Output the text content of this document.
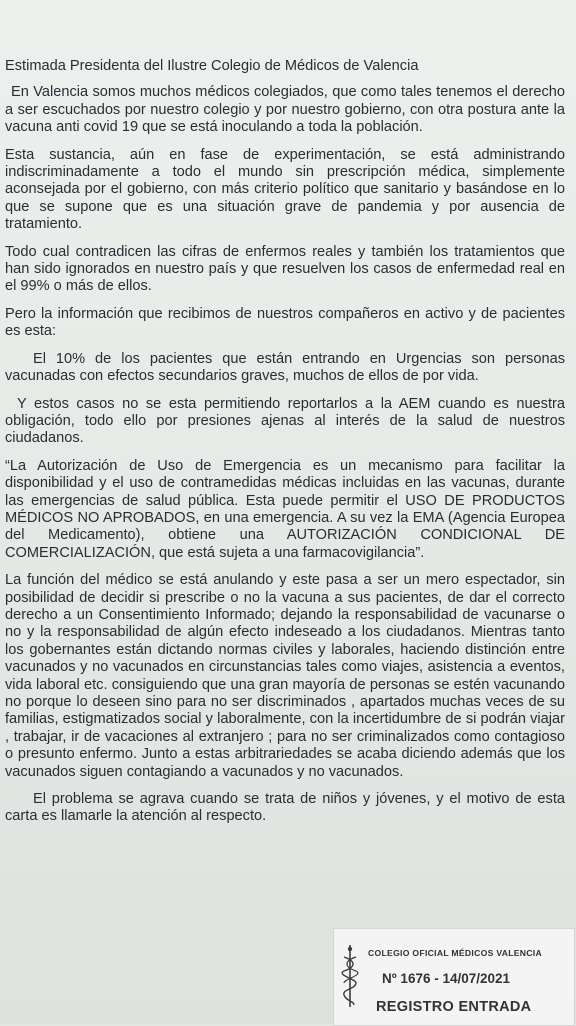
Estimada Presidenta del Ilustre Colegio de Médicos de Valencia

En Valencia somos muchos médicos colegiados, que como tales tenemos el derecho a ser escuchados por nuestro colegio y por nuestro gobierno, con otra postura ante la vacuna anti covid 19 que se está inoculando a toda la población.

Esta sustancia, aún en fase de experimentación, se está administrando indiscriminadamente a todo el mundo sin prescripción médica, simplemente aconsejada por el gobierno, con más criterio político que sanitario y basándose en lo que se supone que es una situación grave de pandemia y por ausencia de tratamiento.

Todo cual contradicen las cifras de enfermos reales y también los tratamientos que han sido ignorados en nuestro país y que resuelven los casos de enfermedad real en el 99% o más de ellos.

Pero la información que recibimos de nuestros compañeros en activo y de pacientes es esta:

El 10% de los pacientes que están entrando en Urgencias son personas vacunadas con efectos secundarios graves, muchos de ellos de por vida.

Y estos casos no se esta permitiendo reportarlos a la AEM cuando es nuestra obligación, todo ello por presiones ajenas al interés de la salud de nuestros ciudadanos.

“La Autorización de Uso de Emergencia es un mecanismo para facilitar la disponibilidad y el uso de contramedidas médicas incluidas en las vacunas, durante las emergencias de salud pública. Esta puede permitir el USO DE PRODUCTOS MÉDICOS NO APROBADOS, en una emergencia. A su vez la EMA (Agencia Europea del Medicamento), obtiene una AUTORIZACIÓN CONDICIONAL DE COMERCIALIZACIÓN, que está sujeta a una farmacovigilancia”.

La función del médico se está anulando y este pasa a ser un mero espectador, sin posibilidad de decidir si prescribe o no la vacuna a sus pacientes, de dar el correcto derecho a un Consentimiento Informado; dejando la responsabilidad de vacunarse o no y la responsabilidad de algún efecto indeseado a los ciudadanos. Mientras tanto los gobernantes están dictando normas civiles y laborales, haciendo distinción entre vacunados y no vacunados en circunstancias tales como viajes, asistencia a eventos, vida laboral etc. consiguiendo que una gran mayoría de personas se estén vacunando no porque lo deseen sino para no ser discriminados , apartados muchas veces de su familias, estigmatizados social y laboralmente, con la incertidumbre de si podrán viajar , trabajar, ir de vacaciones al extranjero ; para no ser criminalizados como contagioso o presunto enfermo. Junto a estas arbitrariedades se acaba diciendo además que los vacunados siguen contagiando a vacunados y no vacunados.

El problema se agrava cuando se trata de niños y jóvenes, y el motivo de esta carta es llamarle la atención al respecto.

COLEGIO OFICIAL MÉDICOS VALENCIA
Nº 1676 - 14/07/2021
REGISTRO ENTRADA
